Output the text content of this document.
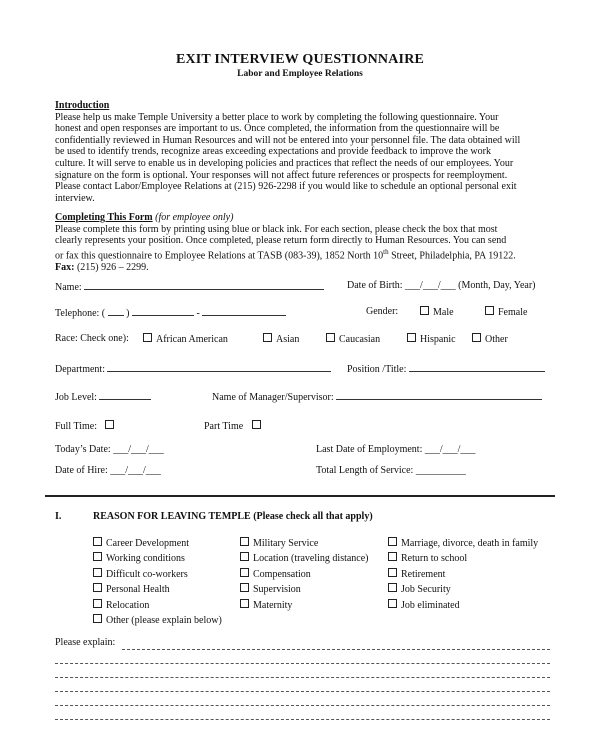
EXIT INTERVIEW QUESTIONNAIRE
Labor and Employee Relations
Introduction
Please help us make Temple University a better place to work by completing the following questionnaire. Your
honest and open responses are important to us. Once completed, the information from the questionnaire will be
confidentially reviewed in Human Resources and will not be entered into your personnel file. The data obtained will
be used to identify trends, recognize areas exceeding expectations and provide feedback to improve the work
culture. It will serve to enable us in developing policies and practices that reflect the needs of our employees. Your
signature on the form is optional. Your responses will not affect future references or prospects for reemployment.
Please contact Labor/Employee Relations at (215) 926-2298 if you would like to schedule an optional personal exit
interview.
Completing This Form (for employee only)
Please complete this form by printing using blue or black ink. For each section, please check the box that most
clearly represents your position. Once completed, please return form directly to Human Resources. You can send
or fax this questionnaire to Employee Relations at TASB (083-39), 1852 North 10th Street, Philadelphia, PA 19122.
Fax: (215) 926 – 2299.
Name:	Date of Birth: ___/___/___ (Month, Day, Year)
Telephone: ( )	-	Gender:	Male	Female
Race: Check one):	African American	Asian	Caucasian	Hispanic	Other
Department:	Position /Title:
Job Level:	Name of Manager/Supervisor:
Full Time:	Part Time
Today’s Date: ___/___/___	Last Date of Employment: ___/___/___
Date of Hire: ___/___/___	Total Length of Service: __________
I.	REASON FOR LEAVING TEMPLE (Please check all that apply)
Career Development
Working conditions
Difficult co-workers
Personal Health
Relocation
Other (please explain below)
Military Service
Location (traveling distance)
Compensation
Supervision
Maternity
Marriage, divorce, death in family
Return to school
Retirement
Job Security
Job eliminated
Please explain:
